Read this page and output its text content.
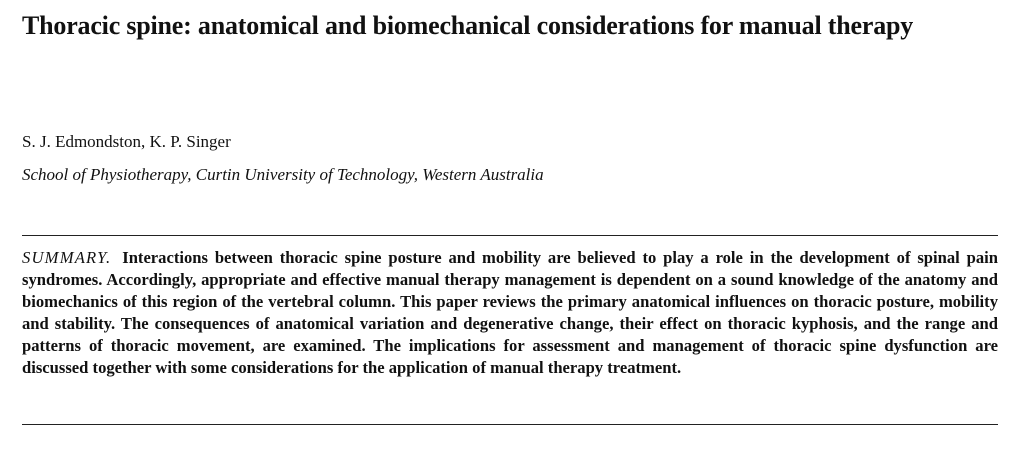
Thoracic spine: anatomical and biomechanical considerations for manual therapy
S. J. Edmondston, K. P. Singer
School of Physiotherapy, Curtin University of Technology, Western Australia

SUMMARY. Interactions between thoracic spine posture and mobility are believed to play a role in the development of spinal pain syndromes. Accordingly, appropriate and effective manual therapy management is dependent on a sound knowledge of the anatomy and biomechanics of this region of the vertebral column. This paper reviews the primary anatomical influences on thoracic posture, mobility and stability. The consequences of anatomical variation and degenerative change, their effect on thoracic kyphosis, and the range and patterns of thoracic movement, are examined. The implications for assessment and management of thoracic spine dysfunction are discussed together with some considerations for the application of manual therapy treatment.
